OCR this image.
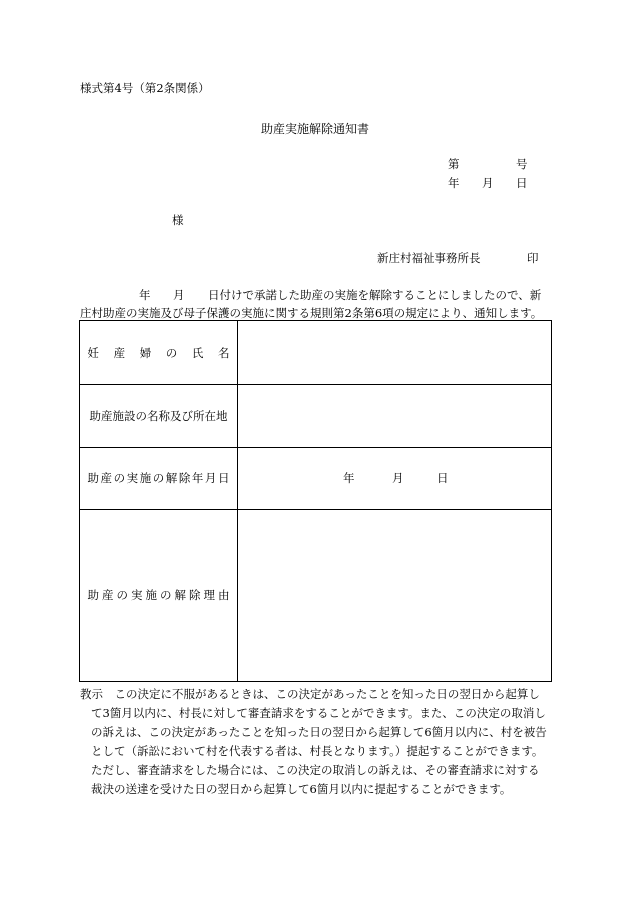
様式第4号（第2条関係）
助産実施解除通知書
第	号
年 月 日
様
新庄村福祉事務所長	印
年 月 日付けで承諾した助産の実施を解除することにしましたので、新
庄村助産の実施及び母子保護の実施に関する規則第2条第6項の規定により、通知します。
妊 産 婦 の 氏 名
助産施設の名称及び所在地
助 産 の 実 施 の 解 除 年 月 日	年	月	日
助 産 の 実 施 の 解 除 理 由
教示　この決定に不服があるときは、この決定があったことを知った日の翌日から起算し
て3箇月以内に、村長に対して審査請求をすることができます。また、この決定の取消し
の訴えは、この決定があったことを知った日の翌日から起算して6箇月以内に、村を被告
として（訴訟において村を代表する者は、村長となります。）提起することができます。
ただし、審査請求をした場合には、この決定の取消しの訴えは、その審査請求に対する
裁決の送達を受けた日の翌日から起算して6箇月以内に提起することができます。
